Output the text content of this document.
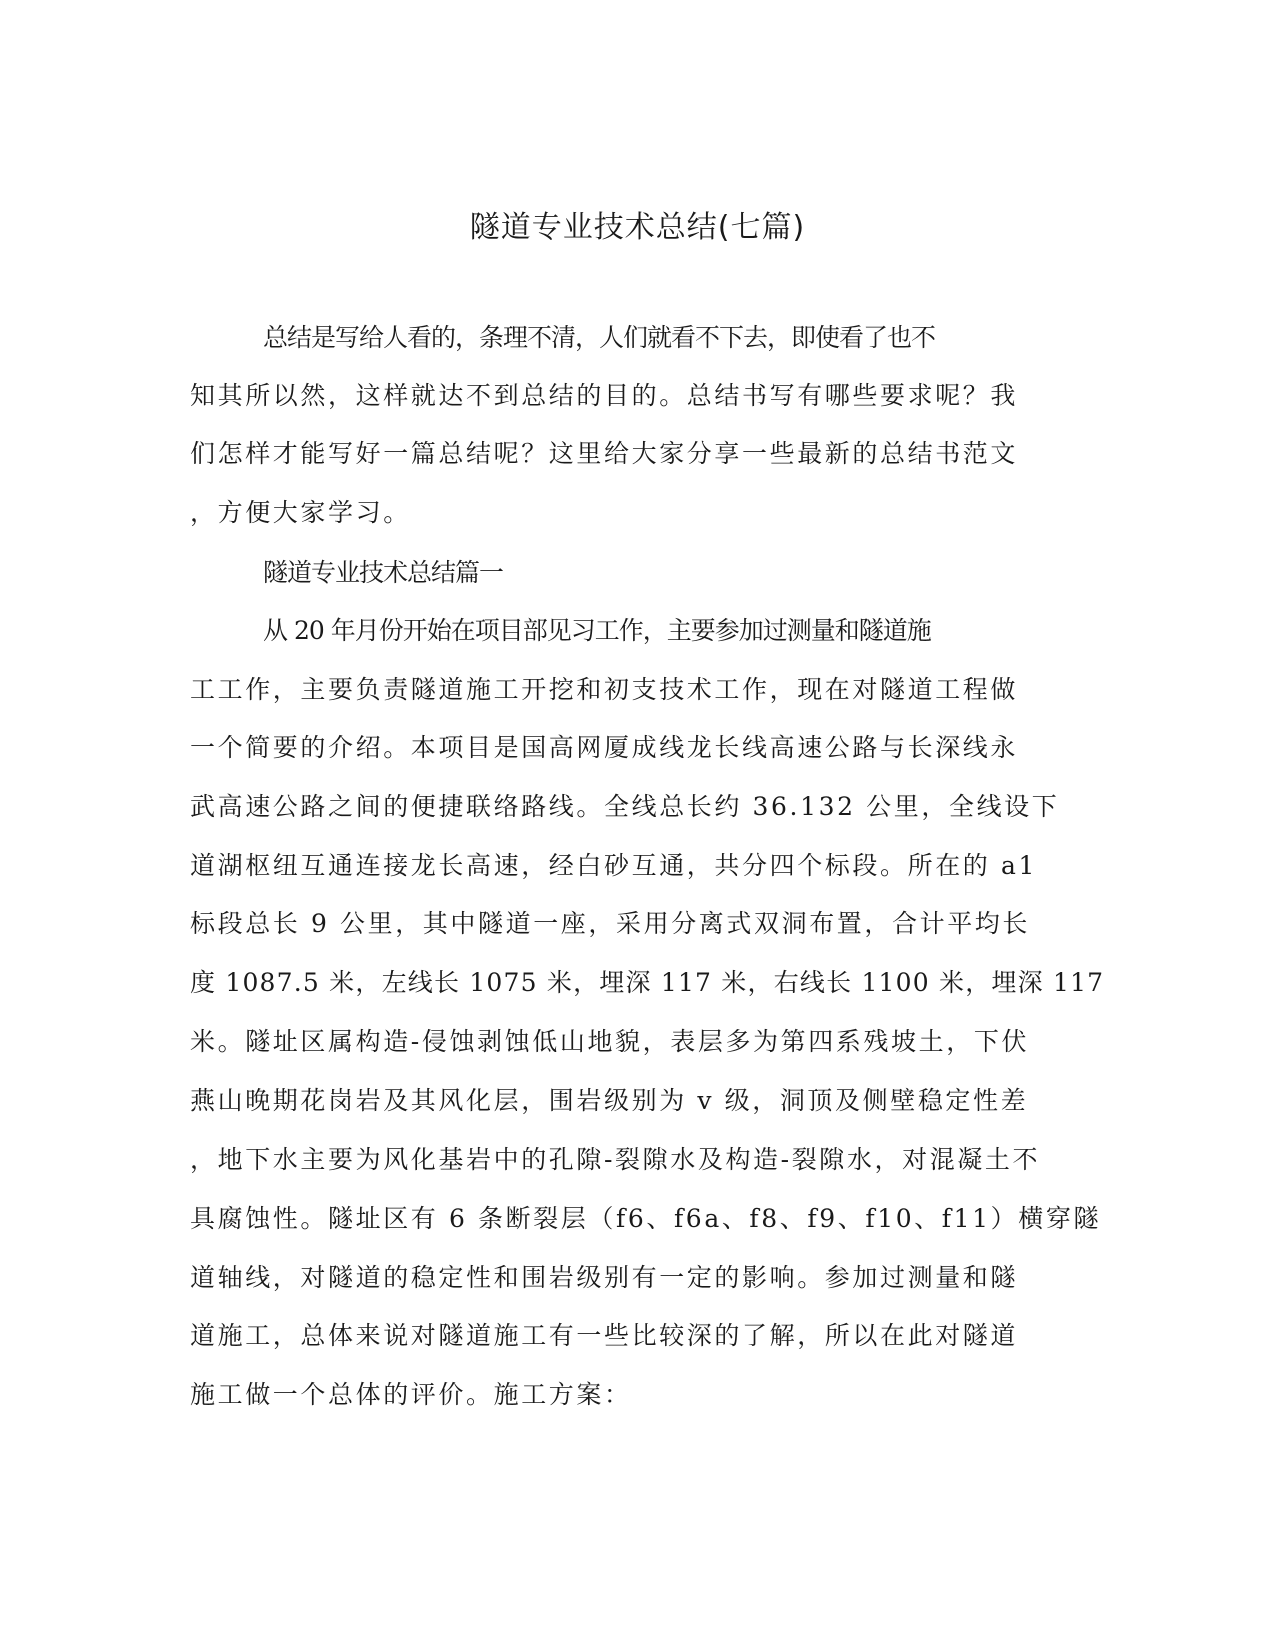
隧道专业技术总结(七篇)
总结是写给人看的，条理不清，人们就看不下去，即使看了也不
知其所以然，这样就达不到总结的目的。总结书写有哪些要求呢？我
们怎样才能写好一篇总结呢？这里给大家分享一些最新的总结书范文
，方便大家学习。
隧道专业技术总结篇一
从 20 年月份开始在项目部见习工作，主要参加过测量和隧道施
工工作，主要负责隧道施工开挖和初支技术工作，现在对隧道工程做
一个简要的介绍。本项目是国高网厦成线龙长线高速公路与长深线永
武高速公路之间的便捷联络路线。全线总长约 36.132 公里，全线设下
道湖枢纽互通连接龙长高速，经白砂互通，共分四个标段。所在的 a1
标段总长 9 公里，其中隧道一座，采用分离式双洞布置，合计平均长
度 1087.5 米，左线长 1075 米，埋深 117 米，右线长 1100 米，埋深 117
米。隧址区属构造-侵蚀剥蚀低山地貌，表层多为第四系残坡土，下伏
燕山晚期花岗岩及其风化层，围岩级别为 v 级，洞顶及侧壁稳定性差
，地下水主要为风化基岩中的孔隙-裂隙水及构造-裂隙水，对混凝土不
具腐蚀性。隧址区有 6 条断裂层（f6、f6a、f8、f9、f10、f11）横穿隧
道轴线，对隧道的稳定性和围岩级别有一定的影响。参加过测量和隧
道施工，总体来说对隧道施工有一些比较深的了解，所以在此对隧道
施工做一个总体的评价。施工方案：
